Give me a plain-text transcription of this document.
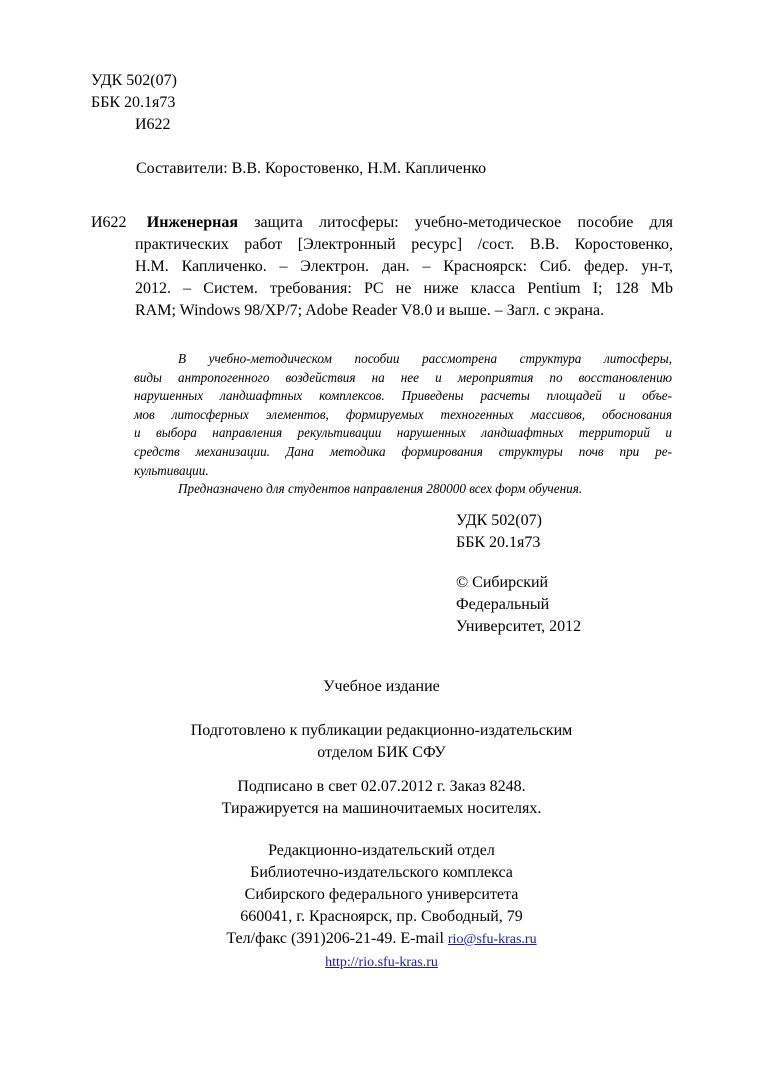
УДК 502(07)
ББК 20.1я73
И622
Составители: В.В. Коростовенко, Н.М. Капличенко

И622 Инженерная защита литосферы: учебно-методическое пособие для

практических работ [Электронный ресурс] /сост. В.В. Коростовенко,

Н.М. Капличенко. – Электрон. дан. – Красноярск: Сиб. федер. ун-т,

2012. – Систем. требования: PC не ниже класса Pentium I; 128 Mb

RAM; Windows 98/XP/7; Adobe Reader V8.0 и выше. – Загл. с экрана.

В учебно-методическом пособии рассмотрена структура литосферы,
виды антропогенного воздействия на нее и мероприятия по восстановлению
нарушенных ландшафтных комплексов. Приведены расчеты площадей и объе-
мов литосферных элементов, формируемых техногенных массивов, обоснования
и выбора направления рекультивации нарушенных ландшафтных территорий и
средств механизации. Дана методика формирования структуры почв при ре-
культивации.

Предназначено для студентов направления 280000 всех форм обучения.

УДК 502(07)
ББК 20.1я73
© Сибирский
Федеральный
Университет, 2012
Учебное издание
Подготовлено к публикации редакционно-издательским
отделом БИК СФУ
Подписано в свет 02.07.2012 г. Заказ 8248.
Тиражируется на машиночитаемых носителях.
Редакционно-издательский отдел
Библиотечно-издательского комплекса
Сибирского федерального университета
660041, г. Красноярск, пр. Свободный, 79
Тел/факс (391)206-21-49. E-mail rio@sfu-kras.ru
http://rio.sfu-kras.ru
